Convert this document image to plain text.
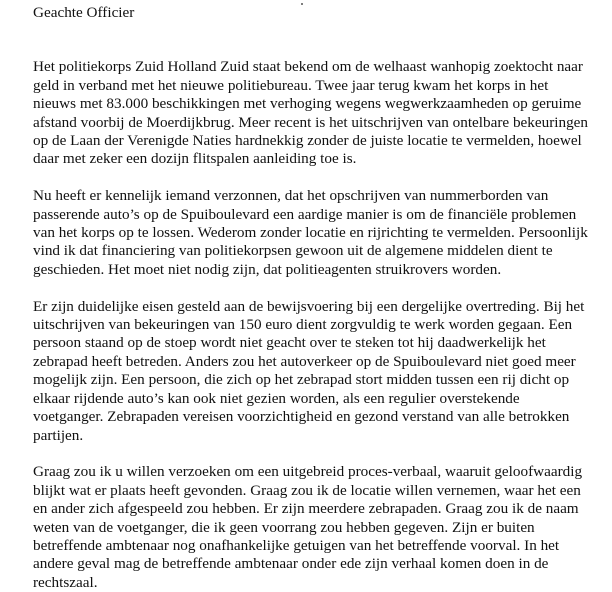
Geachte Officier

Het politiekorps Zuid Holland Zuid staat bekend om de welhaast wanhopig zoektocht naar geld in verband met het nieuwe politiebureau. Twee jaar terug kwam het korps in het nieuws met 83.000 beschikkingen met verhoging wegens wegwerkzaamheden op geruime afstand voorbij de Moerdijkbrug. Meer recent is het uitschrijven van ontelbare bekeuringen op de Laan der Verenigde Naties hardnekkig zonder de juiste locatie te vermelden, hoewel daar met zeker een dozijn flitspalen aanleiding toe is.

Nu heeft er kennelijk iemand verzonnen, dat het opschrijven van nummerborden van passerende auto’s op de Spuiboulevard een aardige manier is om de financiële problemen van het korps op te lossen. Wederom zonder locatie en rijrichting te vermelden. Persoonlijk vind ik dat financiering van politiekorpsen gewoon uit de algemene middelen dient te geschieden. Het moet niet nodig zijn, dat politieagenten struikrovers worden.

Er zijn duidelijke eisen gesteld aan de bewijsvoering bij een dergelijke overtreding. Bij het uitschrijven van bekeuringen van 150 euro dient zorgvuldig te werk worden gegaan. Een persoon staand op de stoep wordt niet geacht over te steken tot hij daadwerkelijk het zebrapad heeft betreden. Anders zou het autoverkeer op de Spuiboulevard niet goed meer mogelijk zijn. Een persoon, die zich op het zebrapad stort midden tussen een rij dicht op elkaar rijdende auto’s kan ook niet gezien worden, als een regulier overstekende voetganger. Zebrapaden vereisen voorzichtigheid en gezond verstand van alle betrokken partijen.

Graag zou ik u willen verzoeken om een uitgebreid proces-verbaal, waaruit geloofwaardig blijkt wat er plaats heeft gevonden. Graag zou ik de locatie willen vernemen, waar het een en ander zich afgespeeld zou hebben. Er zijn meerdere zebrapaden. Graag zou ik de naam weten van de voetganger, die ik geen voorrang zou hebben gegeven. Zijn er buiten betreffende ambtenaar nog onafhankelijke getuigen van het betreffende voorval. In het andere geval mag de betreffende ambtenaar onder ede zijn verhaal komen doen in de rechtszaal.
